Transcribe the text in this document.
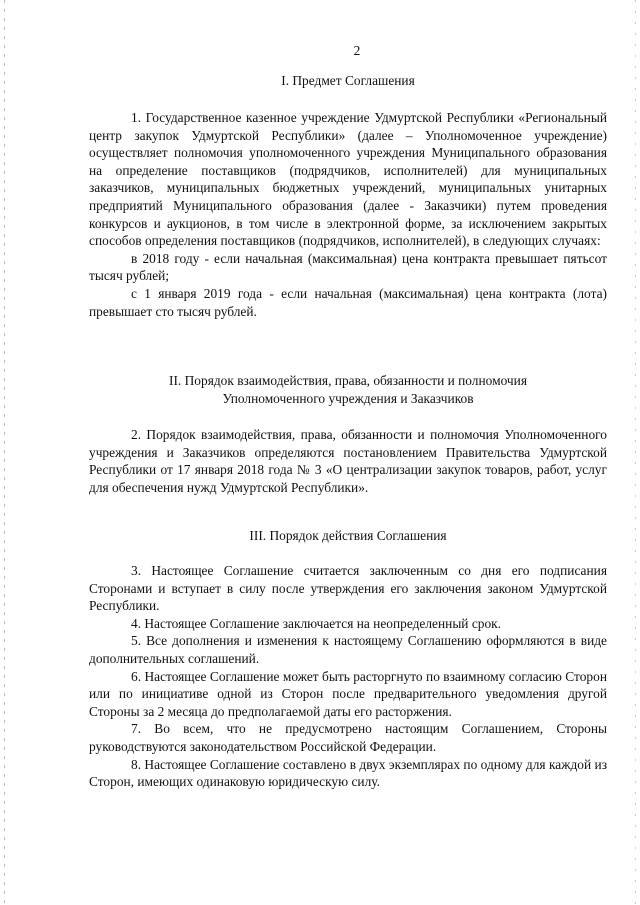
2
I. Предмет Соглашения

1. Государственное казенное учреждение Удмуртской Республики «Региональный центр закупок Удмуртской Республики» (далее – Уполномоченное учреждение) осуществляет полномочия уполномоченного учреждения Муниципального образования на определение поставщиков (подрядчиков, исполнителей) для муниципальных заказчиков, муниципальных бюджетных учреждений, муниципальных унитарных предприятий Муниципального образования (далее - Заказчики) путем проведения конкурсов и аукционов, в том числе в электронной форме, за исключением закрытых способов определения поставщиков (подрядчиков, исполнителей), в следующих случаях:

в 2018 году - если начальная (максимальная) цена контракта превышает пятьсот тысяч рублей;

с 1 января 2019 года - если начальная (максимальная) цена контракта (лота) превышает сто тысяч рублей.

II. Порядок взаимодействия, права, обязанности и полномочия
Уполномоченного учреждения и Заказчиков

2. Порядок взаимодействия, права, обязанности и полномочия Уполномоченного учреждения и Заказчиков определяются постановлением Правительства Удмуртской Республики от 17 января 2018 года № 3 «О централизации закупок товаров, работ, услуг для обеспечения нужд Удмуртской Республики».

III. Порядок действия Соглашения

3. Настоящее Соглашение считается заключенным со дня его подписания Сторонами и вступает в силу после утверждения его заключения законом Удмуртской Республики.

4. Настоящее Соглашение заключается на неопределенный срок.

5. Все дополнения и изменения к настоящему Соглашению оформляются в виде дополнительных соглашений.

6. Настоящее Соглашение может быть расторгнуто по взаимному согласию Сторон или по инициативе одной из Сторон после предварительного уведомления другой Стороны за 2 месяца до предполагаемой даты его расторжения.

7. Во всем, что не предусмотрено настоящим Соглашением, Стороны руководствуются законодательством Российской Федерации.

8. Настоящее Соглашение составлено в двух экземплярах по одному для каждой из Сторон, имеющих одинаковую юридическую силу.
